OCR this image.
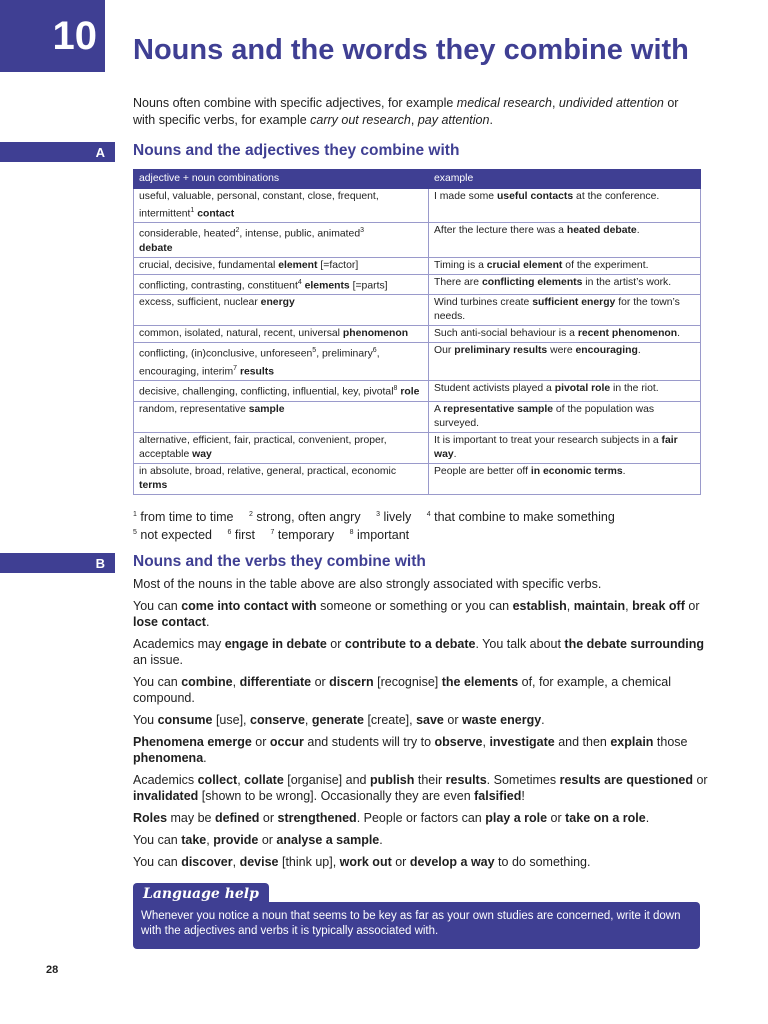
10 Nouns and the words they combine with
Nouns often combine with specific adjectives, for example medical research, undivided attention or with specific verbs, for example carry out research, pay attention.
A	Nouns and the adjectives they combine with
adjective + noun combinations	example
useful, valuable, personal, constant, close, frequent, intermittent$^1$ contact	I made some useful contacts at the conference.
considerable, heated$^2$, intense, public, animated$^3$
debate	After the lecture there was a heated debate.
crucial, decisive, fundamental element [=factor]	Timing is a crucial element of the experiment.
conflicting, contrasting, constituent$^4$ elements [=parts]	There are conflicting elements in the artist’s work.
excess, sufficient, nuclear energy	Wind turbines create sufficient energy for the town’s needs.
common, isolated, natural, recent, universal phenomenon	Such anti-social behaviour is a recent phenomenon.
conflicting, (in)conclusive, unforeseen$^5$, preliminary$^6$, encouraging, interim$^7$ results	Our preliminary results were encouraging.
decisive, challenging, conflicting, influential, key, pivotal$^8$ role	Student activists played a pivotal role in the riot.
random, representative sample	A representative sample of the population was surveyed.
alternative, efficient, fair, practical, convenient, proper, acceptable way	It is important to treat your research subjects in a fair way.
in absolute, broad, relative, general, practical, economic terms	People are better off in economic terms.
$^1$ from time to time $^2$ strong, often angry $^3$ lively $^4$ that combine to make something
$^5$ not expected $^6$ first $^7$ temporary $^8$ important
B	Nouns and the verbs they combine with

Most of the nouns in the table above are also strongly associated with specific verbs.

You can come into contact with someone or something or you can establish, maintain, break off or lose contact.

Academics may engage in debate or contribute to a debate. You talk about the debate surrounding an issue.

You can combine, differentiate or discern [recognise] the elements of, for example, a chemical compound.

You consume [use], conserve, generate [create], save or waste energy.

Phenomena emerge or occur and students will try to observe, investigate and then explain those phenomena.

Academics collect, collate [organise] and publish their results. Sometimes results are questioned or invalidated [shown to be wrong]. Occasionally they are even falsified!

Roles may be defined or strengthened. People or factors can play a role or take on a role.

You can take, provide or analyse a sample.

You can discover, devise [think up], work out or develop a way to do something.

Language help
Whenever you notice a noun that seems to be key as far as your own studies are concerned, write it down with the adjectives and verbs it is typically associated with.
28
